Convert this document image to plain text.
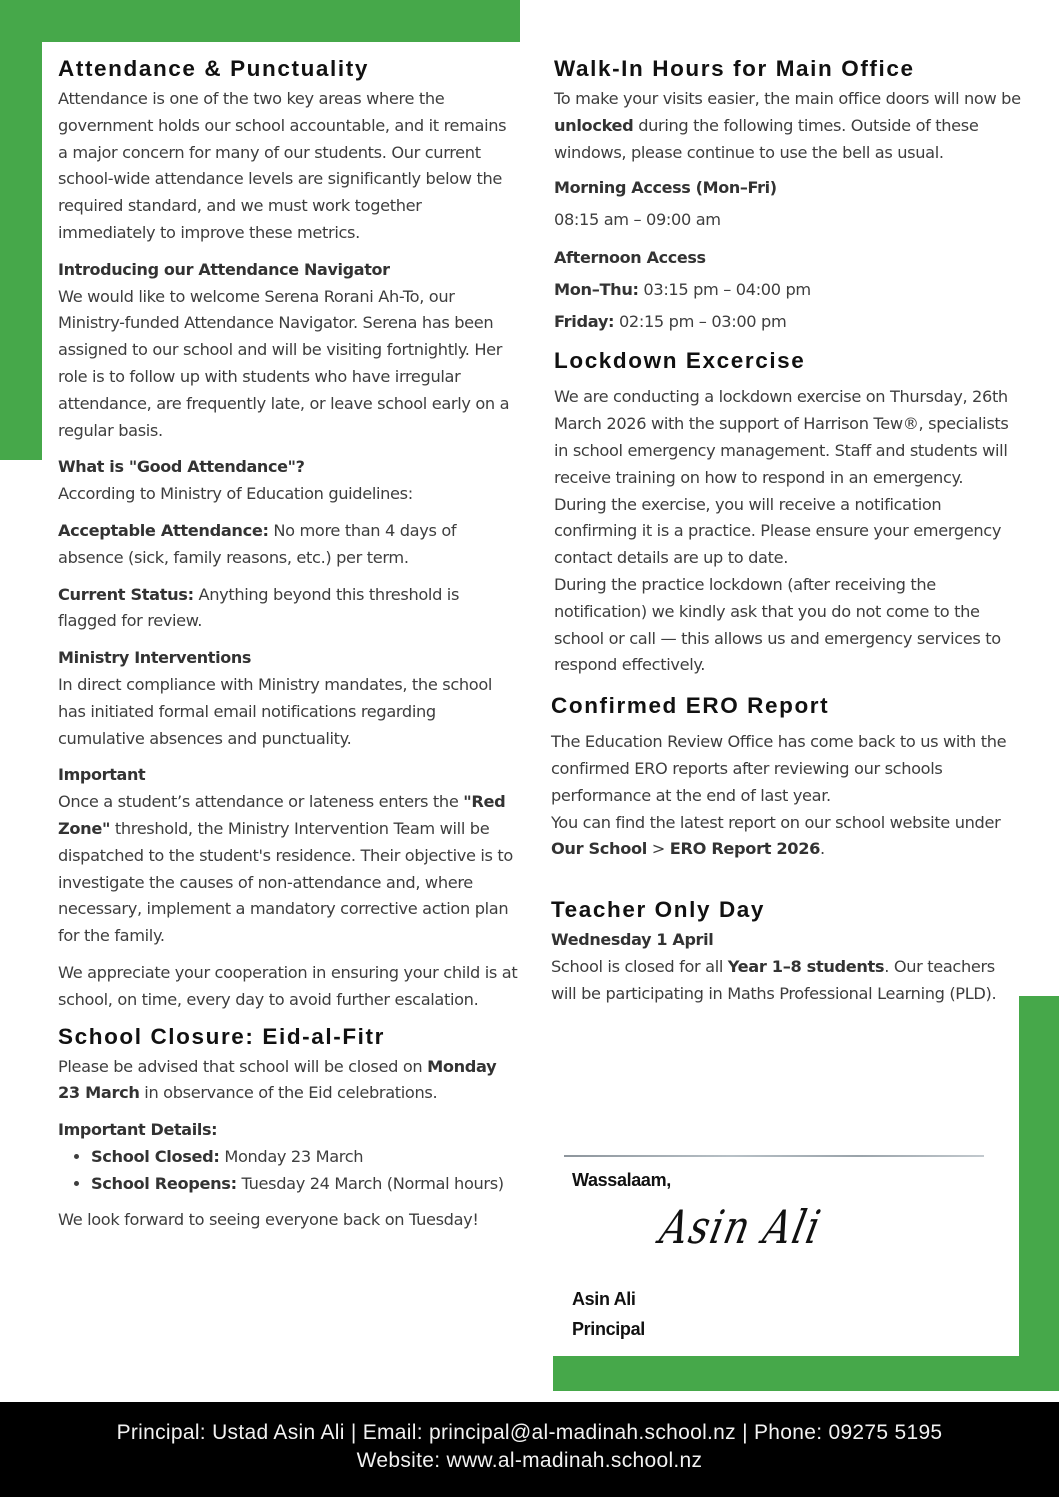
Attendance & Punctuality

Attendance is one of the two key areas where the government holds our school accountable, and it remains a major concern for many of our students. Our current school-wide attendance levels are significantly below the required standard, and we must work together immediately to improve these metrics.

Introducing our Attendance Navigator

We would like to welcome Serena Rorani Ah-To, our Ministry-funded Attendance Navigator. Serena has been assigned to our school and will be visiting fortnightly. Her role is to follow up with students who have irregular attendance, are frequently late, or leave school early on a regular basis.

What is "Good Attendance"?

According to Ministry of Education guidelines:

Acceptable Attendance: No more than 4 days of absence (sick, family reasons, etc.) per term.

Current Status: Anything beyond this threshold is flagged for review.

Ministry Interventions

In direct compliance with Ministry mandates, the school has initiated formal email notifications regarding cumulative absences and punctuality.

Important

Once a student’s attendance or lateness enters the "Red Zone" threshold, the Ministry Intervention Team will be dispatched to the student's residence. Their objective is to investigate the causes of non-attendance and, where necessary, implement a mandatory corrective action plan for the family.

We appreciate your cooperation in ensuring your child is at school, on time, every day to avoid further escalation.

School Closure: Eid-al-Fitr

Please be advised that school will be closed on Monday 23 March in observance of the Eid celebrations.

Important Details:
• School Closed: Monday 23 March
• School Reopens: Tuesday 24 March (Normal hours)

We look forward to seeing everyone back on Tuesday!

Walk-In Hours for Main Office

To make your visits easier, the main office doors will now be unlocked during the following times. Outside of these windows, please continue to use the bell as usual.

Morning Access (Mon–Fri)

08:15 am – 09:00 am

Afternoon Access

Mon–Thu: 03:15 pm – 04:00 pm

Friday: 02:15 pm – 03:00 pm

Lockdown Excercise

We are conducting a lockdown exercise on Thursday, 26th March 2026 with the support of Harrison Tew®, specialists in school emergency management. Staff and students will receive training on how to respond in an emergency.

During the exercise, you will receive a notification confirming it is a practice. Please ensure your emergency contact details are up to date.

During the practice lockdown (after receiving the notification) we kindly ask that you do not come to the school or call — this allows us and emergency services to respond effectively.

Confirmed ERO Report

The Education Review Office has come back to us with the confirmed ERO reports after reviewing our schools performance at the end of last year.

You can find the latest report on our school website under Our School > ERO Report 2026.

Teacher Only Day
Wednesday 1 April

School is closed for all Year 1–8 students. Our teachers will be participating in Maths Professional Learning (PLD).

Wassalaam,

Asin Ali

Asin Ali

Principal

Principal: Ustad Asin Ali | Email: principal@al-madinah.school.nz | Phone: 09275 5195
Website: www.al-madinah.school.nz
